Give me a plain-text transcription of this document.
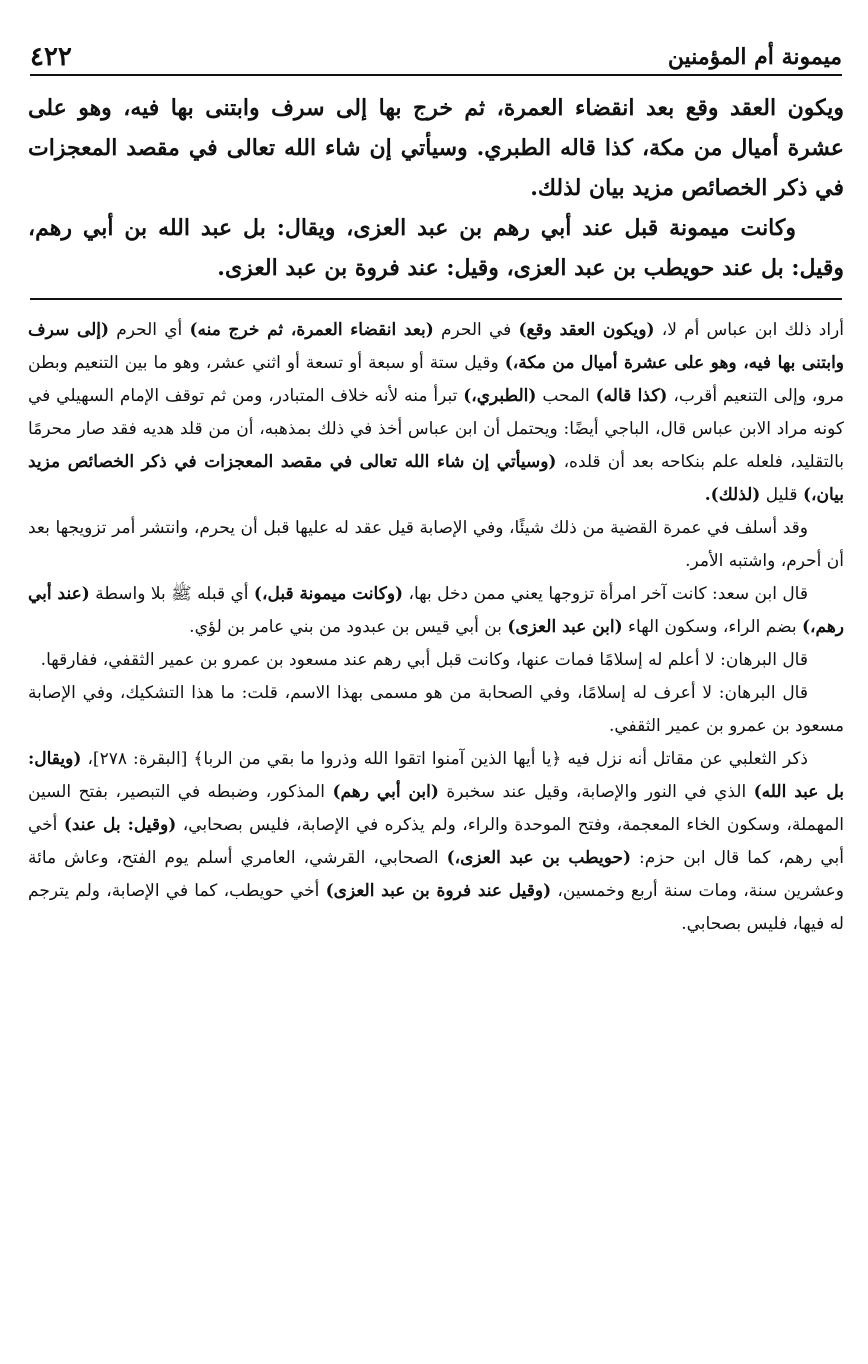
ميمونة أم المؤمنين
٤٢٢

ويكون العقد وقع بعد انقضاء العمرة، ثم خرج بها إلى سرف وابتنى بها فيه، وهو على عشرة أميال من مكة، كذا قاله الطبري. وسيأتي إن شاء الله تعالى في مقصد المعجزات في ذكر الخصائص مزيد بيان لذلك.

وكانت ميمونة قبل عند أبي رهم بن عبد العزى، ويقال: بل عبد الله بن أبي رهم، وقيل: بل عند حويطب بن عبد العزى، وقيل: عند فروة بن عبد العزى.

أراد ذلك ابن عباس أم لا، (ويكون العقد وقع) في الحرم (بعد انقضاء العمرة، ثم خرج منه) أي الحرم (إلى سرف وابتنى بها فيه، وهو على عشرة أميال من مكة،) وقيل ستة أو سبعة أو تسعة أو اثني عشر، وهو ما بين التنعيم وبطن مرو، وإلى التنعيم أقرب، (كذا قاله) المحب (الطبري،) تبرأ منه لأنه خلاف المتبادر، ومن ثم توقف الإمام السهيلي في كونه مراد الابن عباس قال، الباجي أيضًا: ويحتمل أن ابن عباس أخذ في ذلك بمذهبه، أن من قلد هديه فقد صار محرمًا بالتقليد، فلعله علم بنكاحه بعد أن قلده، (وسيأتي إن شاء الله تعالى في مقصد المعجزات في ذكر الخصائص مزيد بيان،) قليل (لذلك).

وقد أسلف في عمرة القضية من ذلك شيئًا، وفي الإصابة قيل عقد له عليها قبل أن يحرم، وانتشر أمر تزويجها بعد أن أحرم، واشتبه الأمر.

قال ابن سعد: كانت آخر امرأة تزوجها يعني ممن دخل بها، (وكانت ميمونة قبل،) أي قبله ﷺ بلا واسطة (عند أبي رهم،) بضم الراء، وسكون الهاء (ابن عبد العزى) بن أبي قيس بن عبدود من بني عامر بن لؤي.

قال البرهان: لا أعلم له إسلامًا فمات عنها، وكانت قبل أبي رهم عند مسعود بن عمرو بن عمير الثقفي، ففارقها.

قال البرهان: لا أعرف له إسلامًا، وفي الصحابة من هو مسمى بهذا الاسم، قلت: ما هذا التشكيك، وفي الإصابة مسعود بن عمرو بن عمير الثقفي.

ذكر الثعلبي عن مقاتل أنه نزل فيه ﴿يا أيها الذين آمنوا اتقوا الله وذروا ما بقي من الربا﴾ [البقرة: ٢٧٨]، (ويقال: بل عبد الله) الذي في النور والإصابة، وقيل عند سخبرة (ابن أبي رهم) المذكور، وضبطه في التبصير، بفتح السين المهملة، وسكون الخاء المعجمة، وفتح الموحدة والراء، ولم يذكره في الإصابة، فليس بصحابي، (وقيل: بل عند) أخي أبي رهم، كما قال ابن حزم: (حويطب بن عبد العزى،) الصحابي، القرشي، العامري أسلم يوم الفتح، وعاش مائة وعشرين سنة، ومات سنة أربع وخمسين، (وقيل عند فروة بن عبد العزى) أخي حويطب، كما في الإصابة، ولم يترجم له فيها، فليس بصحابي.
